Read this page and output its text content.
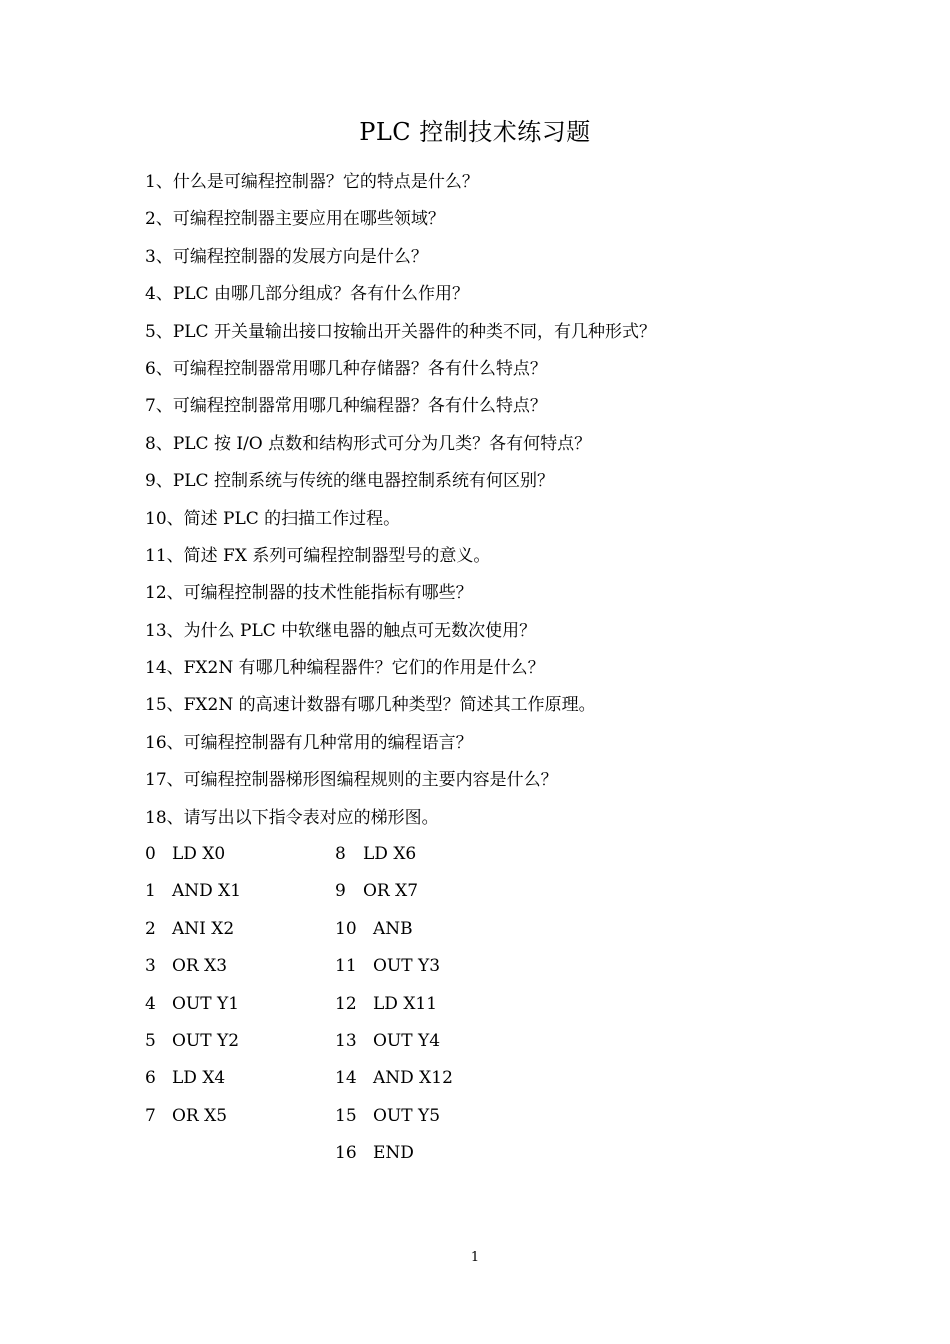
PLC 控制技术练习题
1、什么是可编程控制器？它的特点是什么？
2、可编程控制器主要应用在哪些领域？
3、可编程控制器的发展方向是什么？
4、PLC 由哪几部分组成？各有什么作用？
5、PLC 开关量输出接口按输出开关器件的种类不同，有几种形式？
6、可编程控制器常用哪几种存储器？各有什么特点？
7、可编程控制器常用哪几种编程器？各有什么特点？
8、PLC 按 I/O 点数和结构形式可分为几类？各有何特点？
9、PLC 控制系统与传统的继电器控制系统有何区别？
10、简述 PLC 的扫描工作过程。
11、简述 FX 系列可编程控制器型号的意义。
12、可编程控制器的技术性能指标有哪些？
13、为什么 PLC 中软继电器的触点可无数次使用？
14、FX2N 有哪几种编程器件？它们的作用是什么？
15、FX2N 的高速计数器有哪几种类型？简述其工作原理。
16、可编程控制器有几种常用的编程语言？
17、可编程控制器梯形图编程规则的主要内容是什么？
18、请写出以下指令表对应的梯形图。
0 LD X0
1 AND X1
2 ANI X2
3 OR X3
4 OUT Y1
5 OUT Y2
6 LD X4
7 OR X5
8 LD X6
9 OR X7
10 ANB
11 OUT Y3
12 LD X11
13 OUT Y4
14 AND X12
15 OUT Y5
16 END
1
